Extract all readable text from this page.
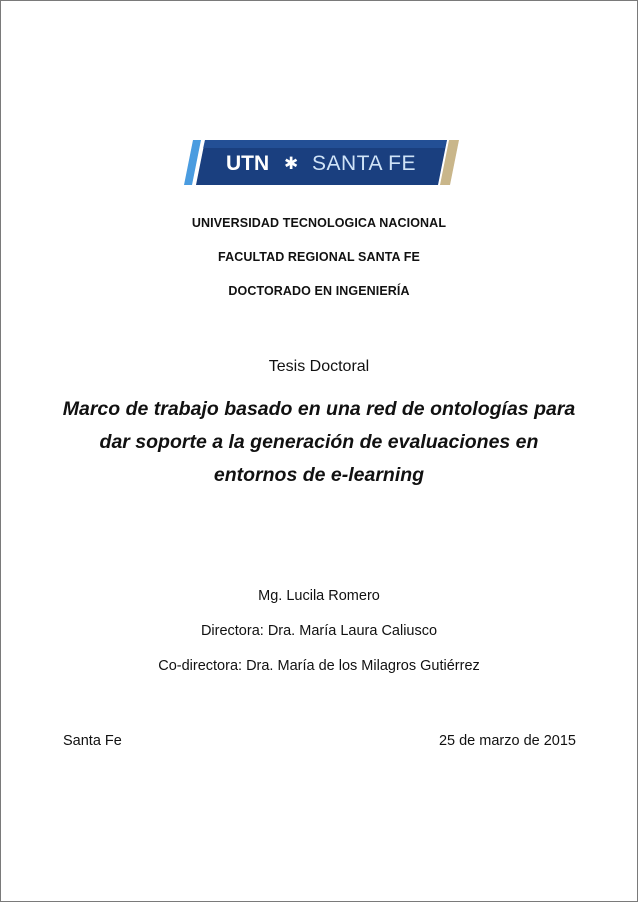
UTN ✱ SANTA FE
UNIVERSIDAD TECNOLOGICA NACIONAL
FACULTAD REGIONAL SANTA FE
DOCTORADO EN INGENIERÍA
Tesis Doctoral
Marco de trabajo basado en una red de ontologías para
dar soporte a la generación de evaluaciones en
entornos de e-learning
Mg. Lucila Romero
Directora: Dra. María Laura Caliusco
Co-directora: Dra. María de los Milagros Gutiérrez
Santa Fe	25 de marzo de 2015
